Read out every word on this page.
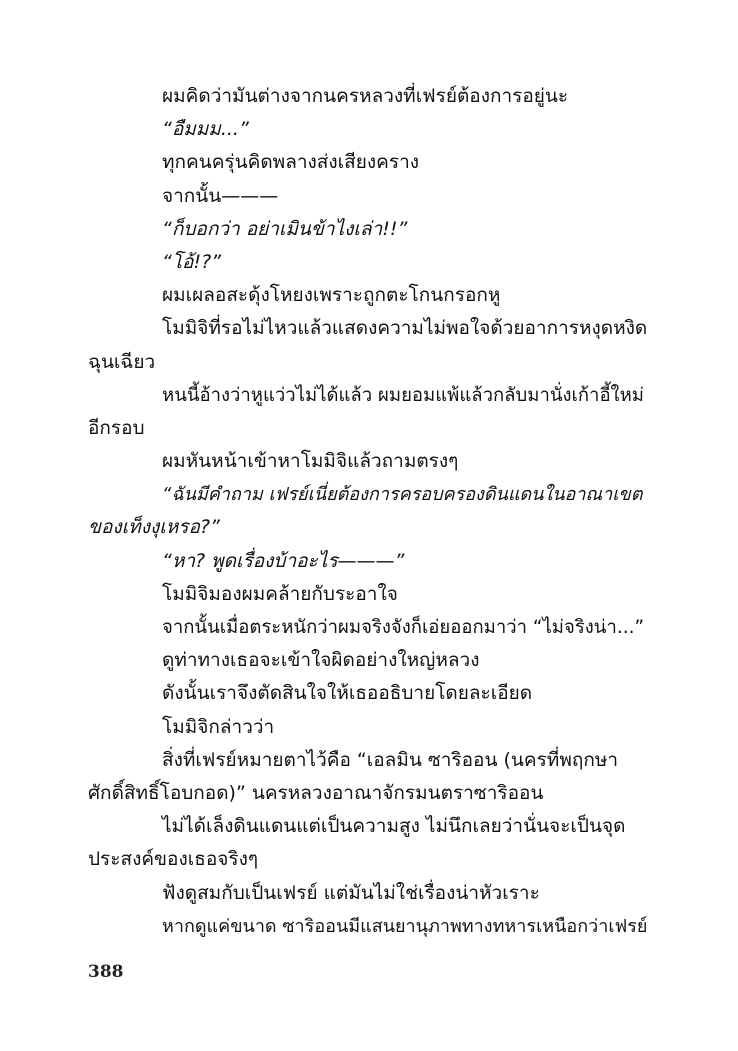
ผมคิดว่ามันต่างจากนครหลวงที่เฟรย์ต้องการอยู่นะ
“อืมมม...”
ทุกคนครุ่นคิดพลางส่งเสียงคราง
จากนั้น———
“ก็บอกว่า อย่าเมินข้าไงเล่า!!”
“โอ้!?”
ผมเผลอสะดุ้งโหยงเพราะถูกตะโกนกรอกหู
โมมิจิที่รอไม่ไหวแล้วแสดงความไม่พอใจด้วยอาการหงุดหงิด
ฉุนเฉียว
หนนี้อ้างว่าหูแว่วไม่ได้แล้ว ผมยอมแพ้แล้วกลับมานั่งเก้าอี้ใหม่
อีกรอบ
ผมหันหน้าเข้าหาโมมิจิแล้วถามตรงๆ
“ฉันมีคำถาม เฟรย์เนี่ยต้องการครอบครองดินแดนในอาณาเขต
ของเท็งงุเหรอ?”
“หา? พูดเรื่องบ้าอะไร———”
โมมิจิมองผมคล้ายกับระอาใจ
จากนั้นเมื่อตระหนักว่าผมจริงจังก็เอ่ยออกมาว่า “ไม่จริงน่า...”
ดูท่าทางเธอจะเข้าใจผิดอย่างใหญ่หลวง
ดังนั้นเราจึงตัดสินใจให้เธออธิบายโดยละเอียด
โมมิจิกล่าวว่า
สิ่งที่เฟรย์หมายตาไว้คือ “เอลมิน ซาริออน (นครที่พฤกษา
ศักดิ์สิทธิ์โอบกอด)” นครหลวงอาณาจักรมนตราซาริออน
ไม่ได้เล็งดินแดนแต่เป็นความสูง ไม่นึกเลยว่านั่นจะเป็นจุด
ประสงค์ของเธอจริงๆ
ฟังดูสมกับเป็นเฟรย์ แต่มันไม่ใช่เรื่องน่าหัวเราะ
หากดูแค่ขนาด ซาริออนมีแสนยานุภาพทางทหารเหนือกว่าเฟรย์
388
